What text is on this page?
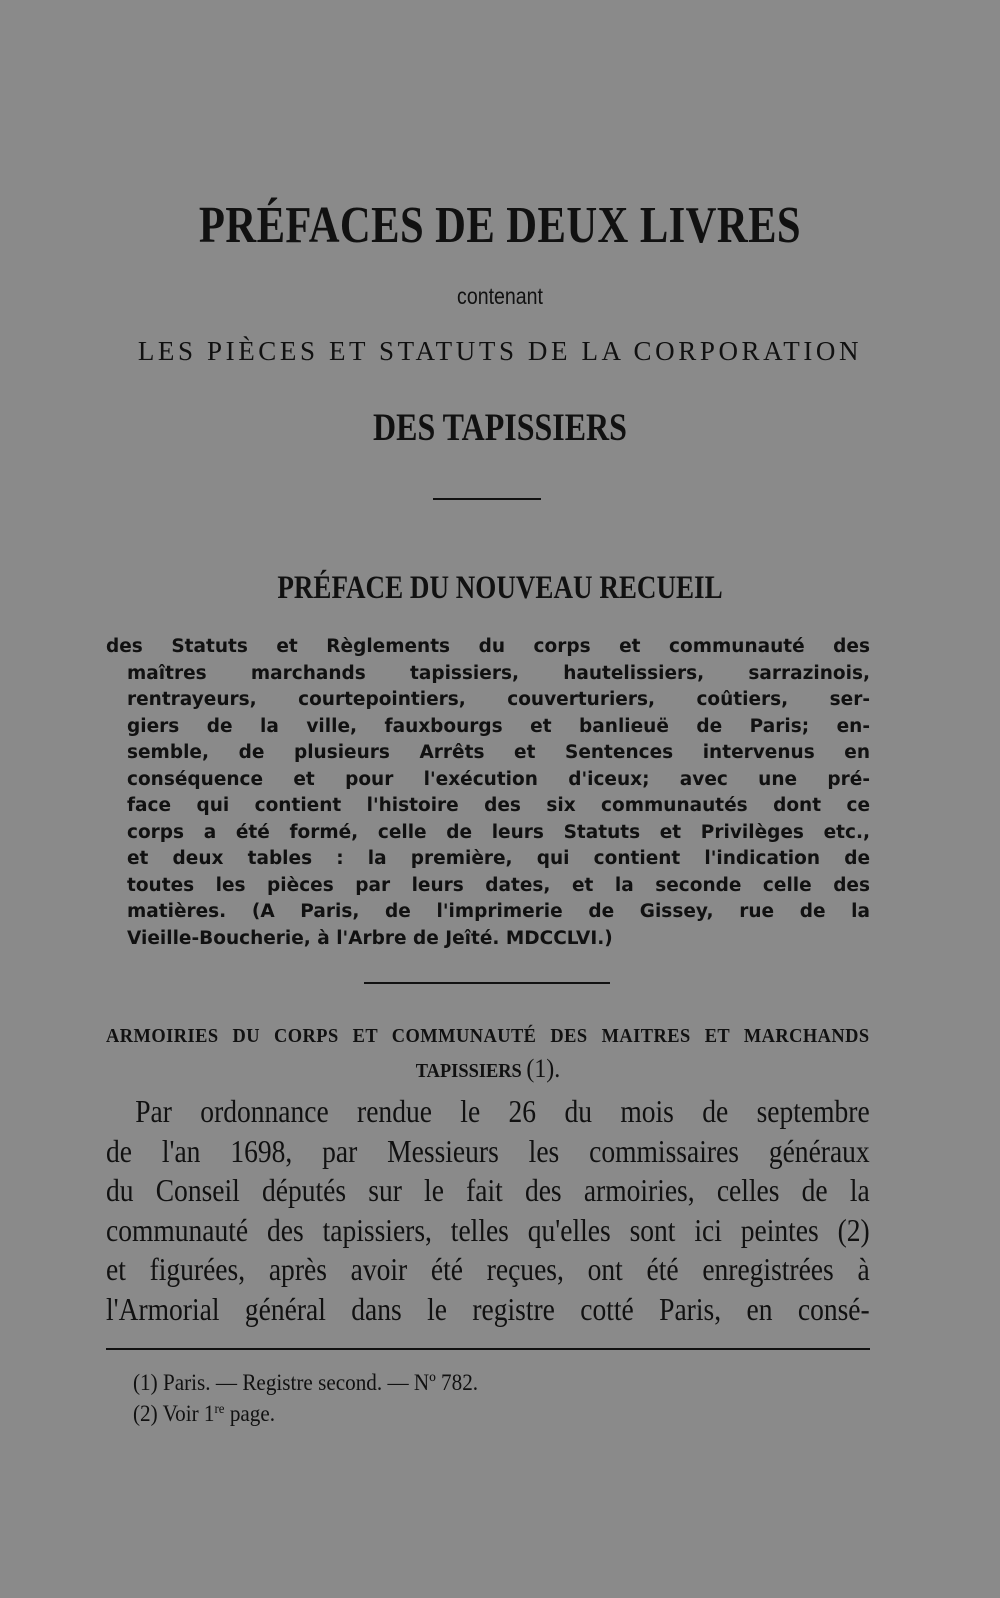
PRÉFACES DE DEUX LIVRES
contenant
LES PIÈCES ET STATUTS DE LA CORPORATION
DES TAPISSIERS
PRÉFACE DU NOUVEAU RECUEIL
des Statuts et Règlements du corps et communauté des
maîtres marchands tapissiers, hautelissiers, sarrazinois,
rentrayeurs, courtepointiers, couverturiers, coûtiers, ser-
giers de la ville, fauxbourgs et banlieuë de Paris; en-
semble, de plusieurs Arrêts et Sentences intervenus en
conséquence et pour l'exécution d'iceux; avec une pré-
face qui contient l'histoire des six communautés dont ce
corps a été formé, celle de leurs Statuts et Privilèges etc.,
et deux tables : la première, qui contient l'indication de
toutes les pièces par leurs dates, et la seconde celle des
matières. (A Paris, de l'imprimerie de Gissey, rue de la
Vieille-Boucherie, à l'Arbre de Jeîté. MDCCLVI.)
ARMOIRIES DU CORPS ET COMMUNAUTÉ DES MAITRES ET MARCHANDS
TAPISSIERS (1).
Par ordonnance rendue le 26 du mois de septembre
de l'an 1698, par Messieurs les commissaires généraux
du Conseil députés sur le fait des armoiries, celles de la
communauté des tapissiers, telles qu'elles sont ici peintes (2)
et figurées, après avoir été reçues, ont été enregistrées à
l'Armorial général dans le registre cotté Paris, en consé-
(1) Paris. — Registre second. — Nº 782.
(2) Voir 1re page.
